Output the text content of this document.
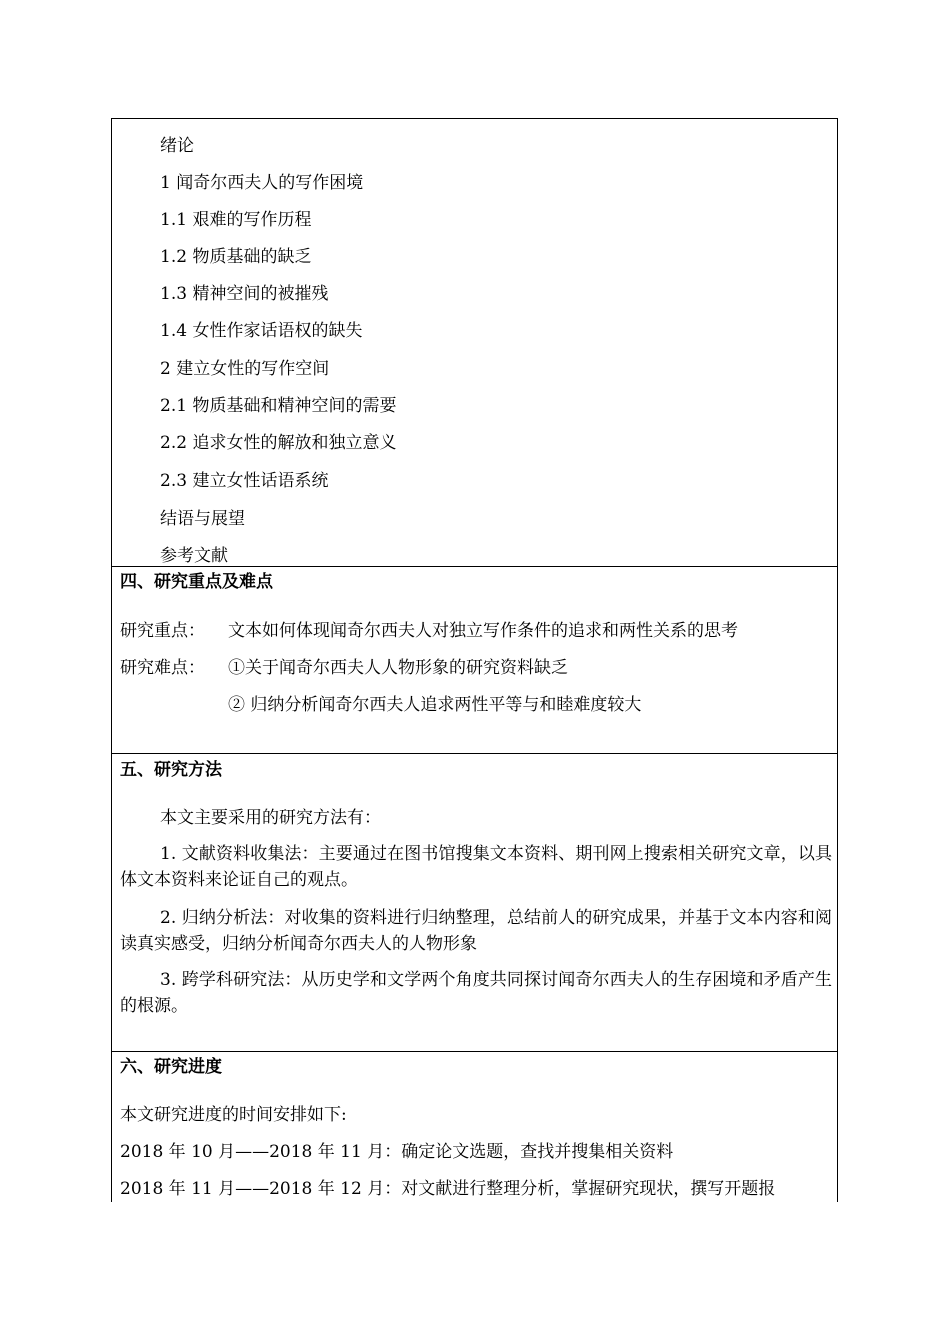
绪论
1 闻奇尔西夫人的写作困境
1.1 艰难的写作历程
1.2 物质基础的缺乏
1.3 精神空间的被摧残
1.4 女性作家话语权的缺失
2 建立女性的写作空间
2.1 物质基础和精神空间的需要
2.2 追求女性的解放和独立意义
2.3 建立女性话语系统
结语与展望
参考文献
四、研究重点及难点
研究重点： 文本如何体现闻奇尔西夫人对独立写作条件的追求和两性关系的思考
研究难点： ①关于闻奇尔西夫人人物形象的研究资料缺乏
② 归纳分析闻奇尔西夫人追求两性平等与和睦难度较大
五、研究方法
本文主要采用的研究方法有：
1. 文献资料收集法：主要通过在图书馆搜集文本资料、期刊网上搜索相关研究文章，以具体文本资料来论证自己的观点。
2. 归纳分析法：对收集的资料进行归纳整理，总结前人的研究成果，并基于文本内容和阅读真实感受，归纳分析闻奇尔西夫人的人物形象
3. 跨学科研究法：从历史学和文学两个角度共同探讨闻奇尔西夫人的生存困境和矛盾产生的根源。
六、研究进度
本文研究进度的时间安排如下:
2018 年 10 月——2018 年 11 月：确定论文选题，查找并搜集相关资料
2018 年 11 月——2018 年 12 月：对文献进行整理分析，掌握研究现状，撰写开题报
